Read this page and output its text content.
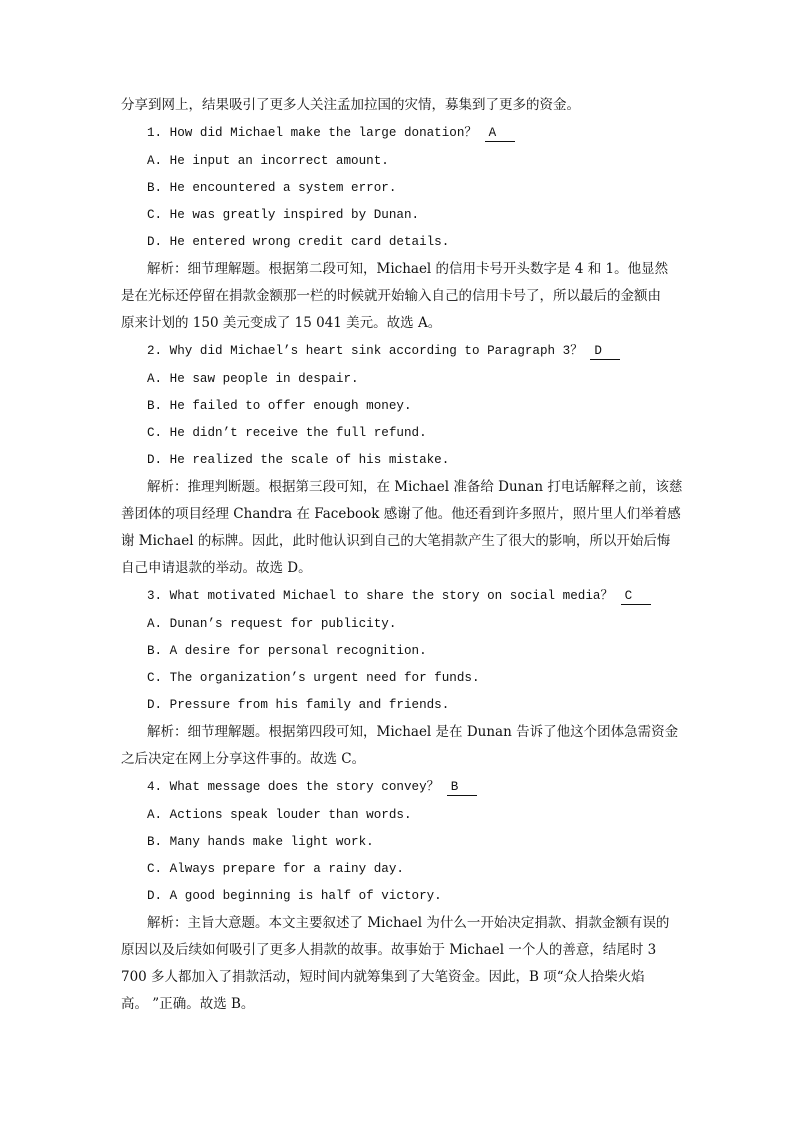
分享到网上，结果吸引了更多人关注孟加拉国的灾情，募集到了更多的资金。
1. How did Michael make the large donation？ A
A. He input an incorrect amount.
B. He encountered a system error.
C. He was greatly inspired by Dunan.
D. He entered wrong credit card details.
解析：细节理解题。根据第二段可知，Michael 的信用卡号开头数字是 4 和 1。他显然
是在光标还停留在捐款金额那一栏的时候就开始输入自己的信用卡号了，所以最后的金额由
原来计划的 150 美元变成了 15 041 美元。故选 A。
2. Why did Michael’s heart sink according to Paragraph 3？ D
A. He saw people in despair.
B. He failed to offer enough money.
C. He didn’t receive the full refund.
D. He realized the scale of his mistake.
解析：推理判断题。根据第三段可知，在 Michael 准备给 Dunan 打电话解释之前，该慈
善团体的项目经理 Chandra 在 Facebook 感谢了他。他还看到许多照片，照片里人们举着感
谢 Michael 的标牌。因此，此时他认识到自己的大笔捐款产生了很大的影响，所以开始后悔
自己申请退款的举动。故选 D。
3. What motivated Michael to share the story on social media？ C
A. Dunan’s request for publicity.
B. A desire for personal recognition.
C. The organization’s urgent need for funds.
D. Pressure from his family and friends.
解析：细节理解题。根据第四段可知，Michael 是在 Dunan 告诉了他这个团体急需资金
之后决定在网上分享这件事的。故选 C。
4. What message does the story convey？ B
A. Actions speak louder than words.
B. Many hands make light work.
C. Always prepare for a rainy day.
D. A good beginning is half of victory.
解析：主旨大意题。本文主要叙述了 Michael 为什么一开始决定捐款、捐款金额有误的
原因以及后续如何吸引了更多人捐款的故事。故事始于 Michael 一个人的善意，结尾时 3
700 多人都加入了捐款活动，短时间内就筹集到了大笔资金。因此，B 项“众人拾柴火焰
高。 ”正确。故选 B。
